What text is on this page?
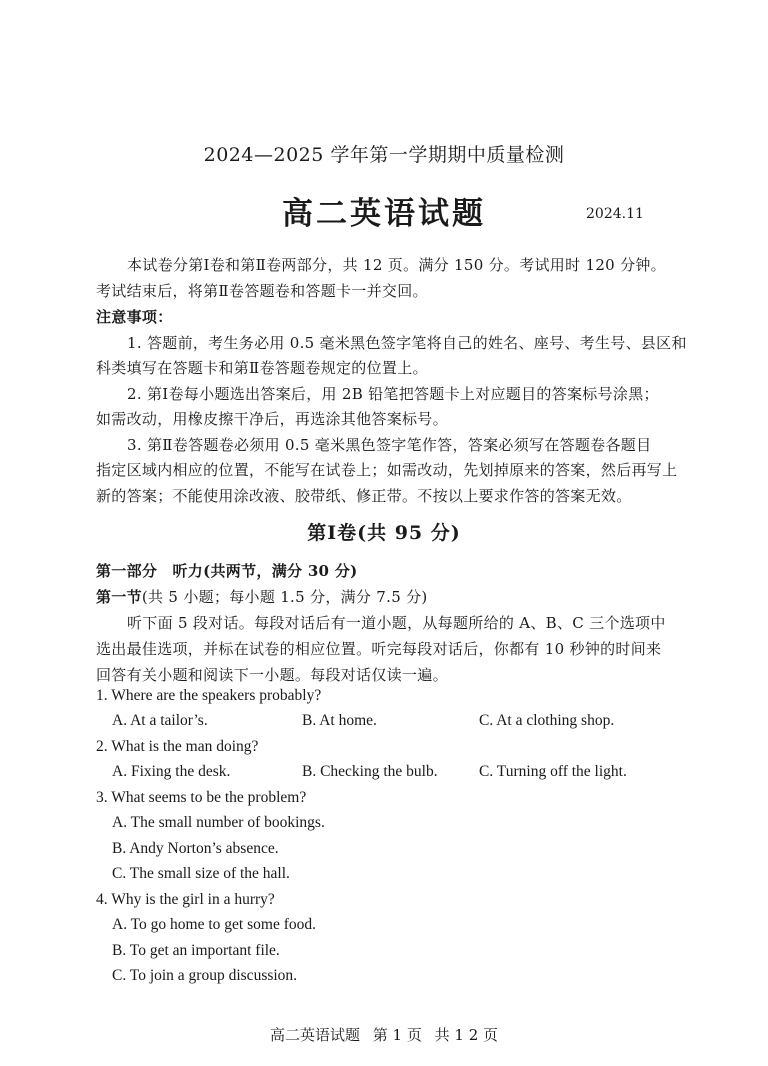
2024—2025 学年第一学期期中质量检测
高二英语试题	2024.11
本试卷分第Ⅰ卷和第Ⅱ卷两部分，共 12 页。满分 150 分。考试用时 120 分钟。
考试结束后，将第Ⅱ卷答题卷和答题卡一并交回。
注意事项：
1. 答题前，考生务必用 0.5 毫米黑色签字笔将自己的姓名、座号、考生号、县区和
科类填写在答题卡和第Ⅱ卷答题卷规定的位置上。
2. 第Ⅰ卷每小题选出答案后，用 2B 铅笔把答题卡上对应题目的答案标号涂黑；
如需改动，用橡皮擦干净后，再选涂其他答案标号。
3. 第Ⅱ卷答题卷必须用 0.5 毫米黑色签字笔作答，答案必须写在答题卷各题目
指定区域内相应的位置，不能写在试卷上；如需改动，先划掉原来的答案，然后再写上
新的答案；不能使用涂改液、胶带纸、修正带。不按以上要求作答的答案无效。
第Ⅰ卷(共 95 分)
第一部分　听力(共两节，满分 30 分)
第一节(共 5 小题；每小题 1.5 分，满分 7.5 分)
听下面 5 段对话。每段对话后有一道小题，从每题所给的 A、B、C 三个选项中
选出最佳选项，并标在试卷的相应位置。听完每段对话后，你都有 10 秒钟的时间来
回答有关小题和阅读下一小题。每段对话仅读一遍。
1. Where are the speakers probably?
A. At a tailor’s.	B. At home.	C. At a clothing shop.
2. What is the man doing?
A. Fixing the desk.	B. Checking the bulb.	C. Turning off the light.
3. What seems to be the problem?
A. The small number of bookings.
B. Andy Norton’s absence.
C. The small size of the hall.
4. Why is the girl in a hurry?
A. To go home to get some food.
B. To get an important file.
C. To join a group discussion.
高二英语试题 第 1 页 共 1 2 页
